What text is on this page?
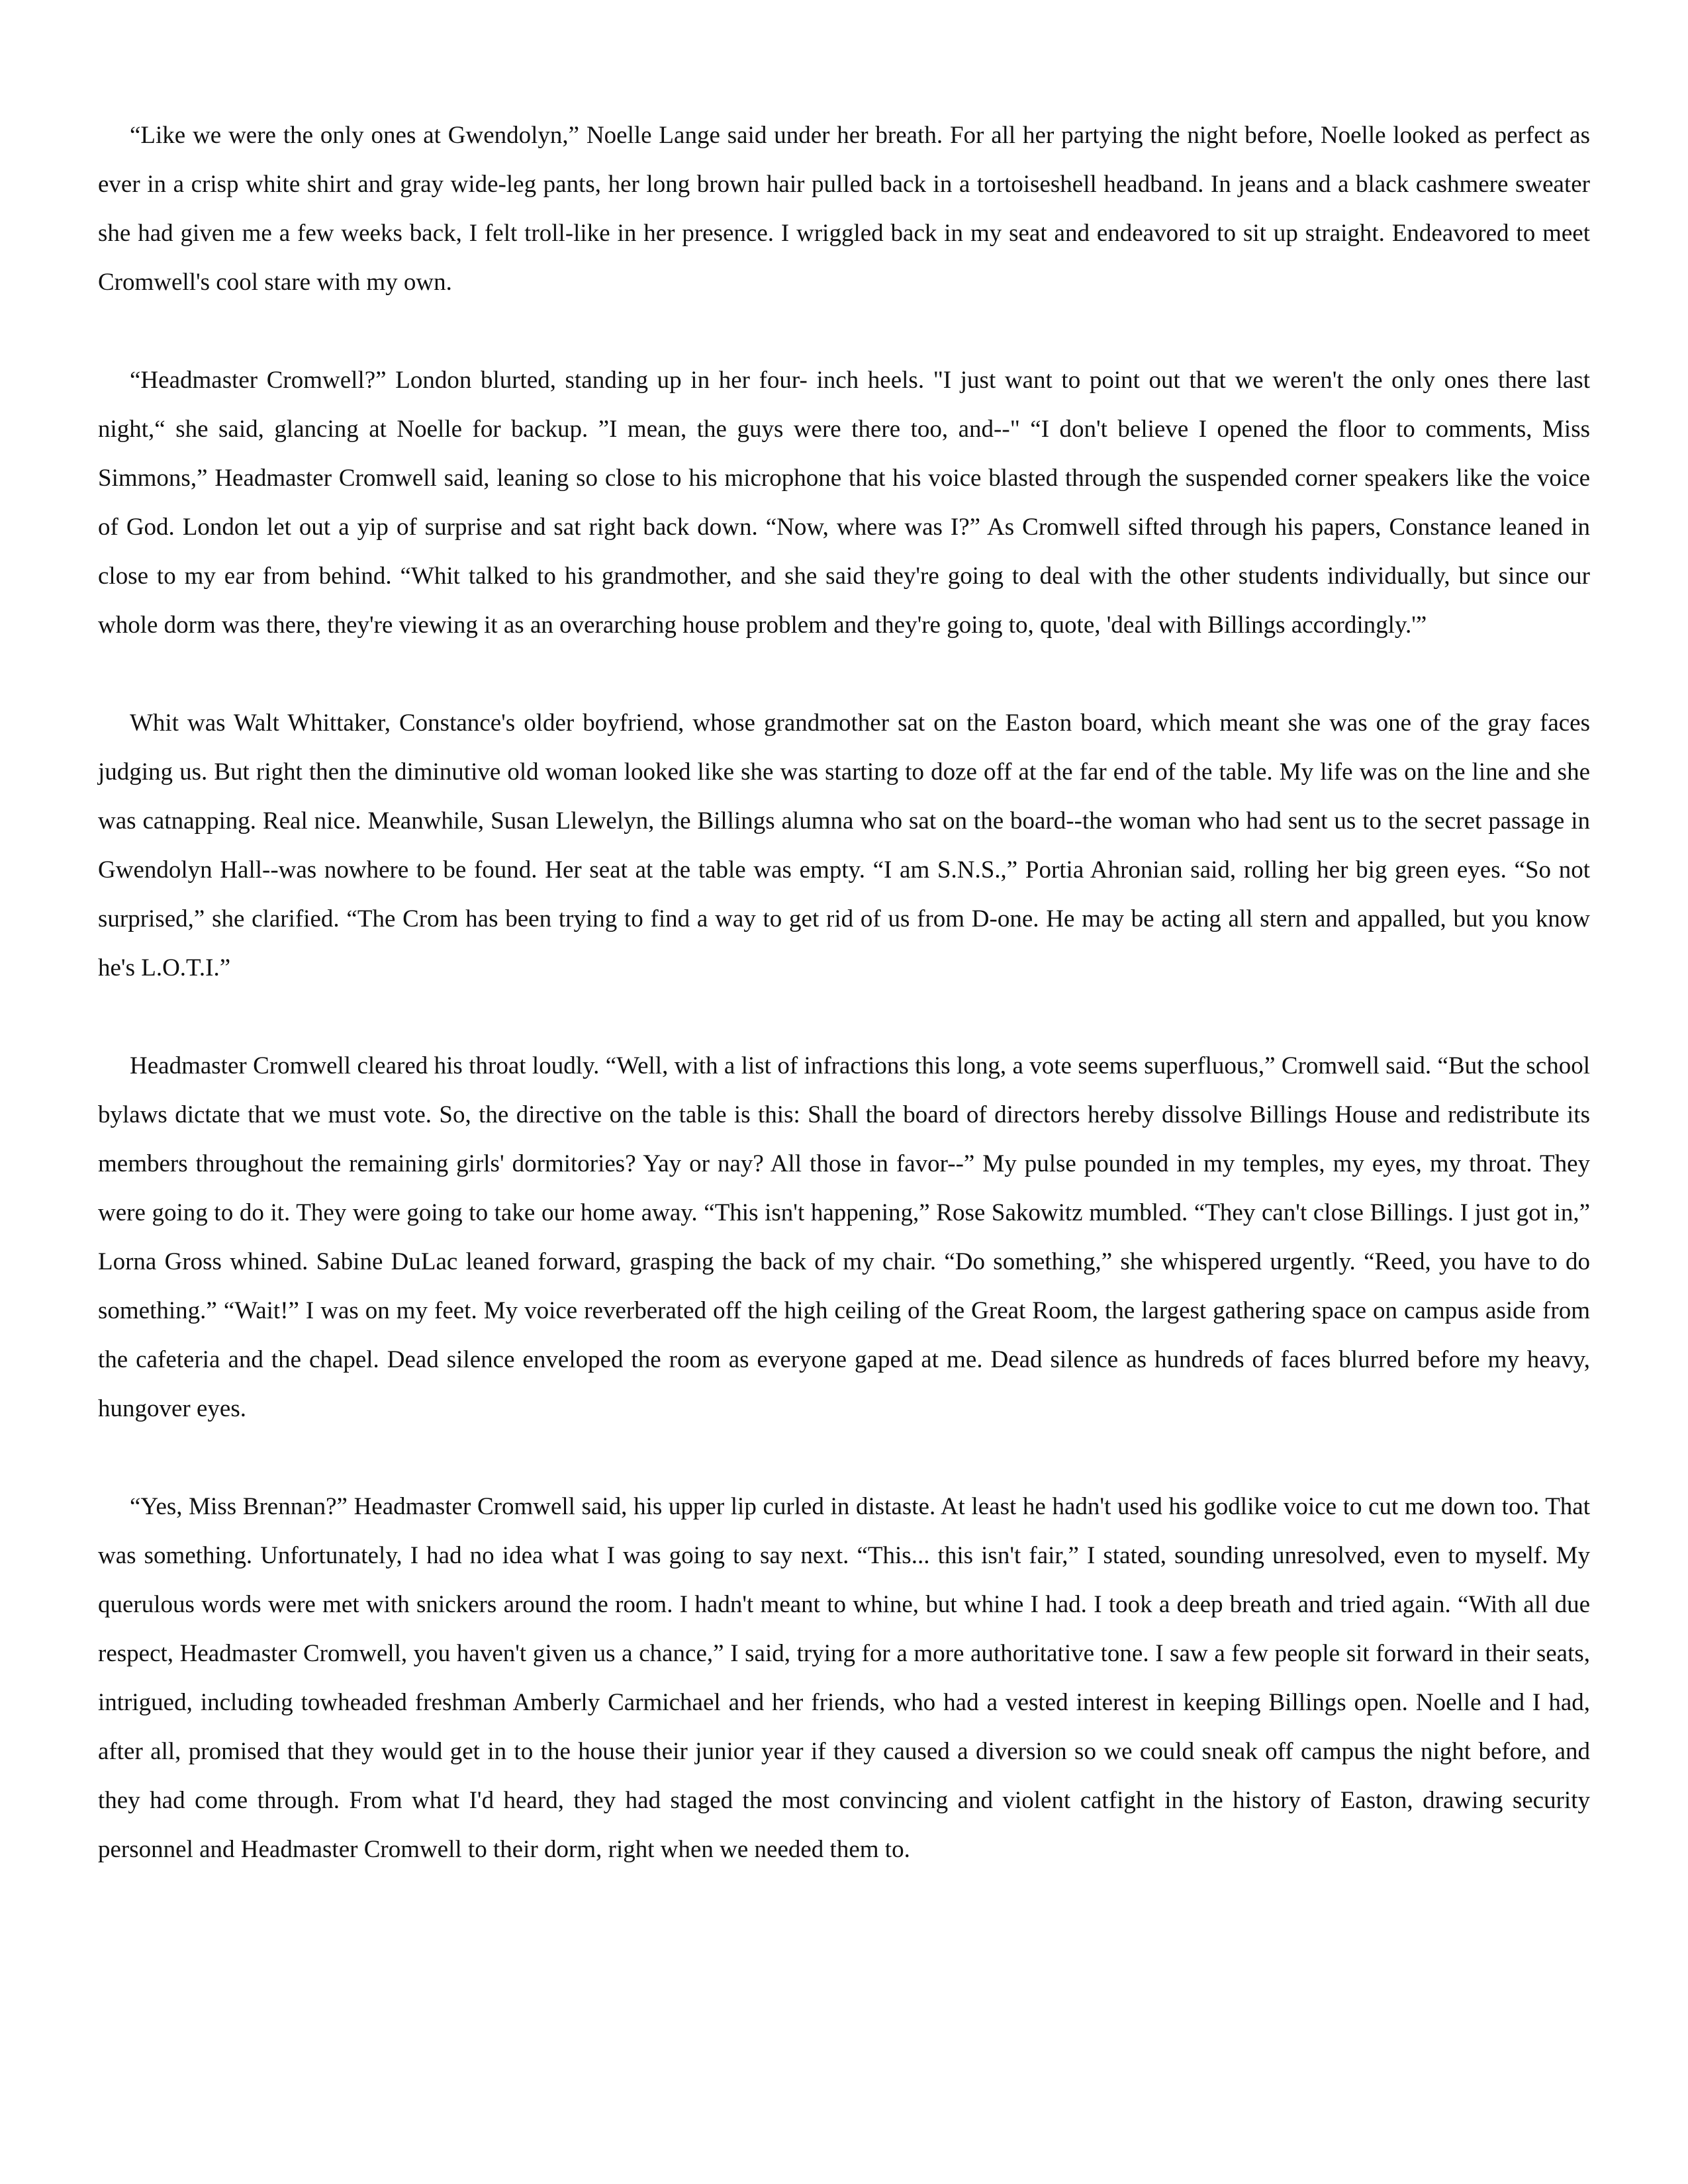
“Like we were the only ones at Gwendolyn,” Noelle Lange said under her breath. For all her partying the night before, Noelle looked as perfect as ever in a crisp white shirt and gray wide-leg pants, her long brown hair pulled back in a tortoiseshell headband. In jeans and a black cashmere sweater she had given me a few weeks back, I felt troll-like in her presence. I wriggled back in my seat and endeavored to sit up straight. Endeavored to meet Cromwell's cool stare with my own.

“Headmaster Cromwell?” London blurted, standing up in her four- inch heels. "I just want to point out that we weren't the only ones there last night,“ she said, glancing at Noelle for backup. ”I mean, the guys were there too, and--" “I don't believe I opened the floor to comments, Miss Simmons,” Headmaster Cromwell said, leaning so close to his microphone that his voice blasted through the suspended corner speakers like the voice of God. London let out a yip of surprise and sat right back down. “Now, where was I?” As Cromwell sifted through his papers, Constance leaned in close to my ear from behind. “Whit talked to his grandmother, and she said they're going to deal with the other students individually, but since our whole dorm was there, they're viewing it as an overarching house problem and they're going to, quote, 'deal with Billings accordingly.'”

Whit was Walt Whittaker, Constance's older boyfriend, whose grandmother sat on the Easton board, which meant she was one of the gray faces judging us. But right then the diminutive old woman looked like she was starting to doze off at the far end of the table. My life was on the line and she was catnapping. Real nice. Meanwhile, Susan Llewelyn, the Billings alumna who sat on the board--the woman who had sent us to the secret passage in Gwendolyn Hall--was nowhere to be found. Her seat at the table was empty. “I am S.N.S.,” Portia Ahronian said, rolling her big green eyes. “So not surprised,” she clarified. “The Crom has been trying to find a way to get rid of us from D-one. He may be acting all stern and appalled, but you know he's L.O.T.I.”

Headmaster Cromwell cleared his throat loudly. “Well, with a list of infractions this long, a vote seems superfluous,” Cromwell said. “But the school bylaws dictate that we must vote. So, the directive on the table is this: Shall the board of directors hereby dissolve Billings House and redistribute its members throughout the remaining girls' dormitories? Yay or nay? All those in favor--” My pulse pounded in my temples, my eyes, my throat. They were going to do it. They were going to take our home away. “This isn't happening,” Rose Sakowitz mumbled. “They can't close Billings. I just got in,” Lorna Gross whined. Sabine DuLac leaned forward, grasping the back of my chair. “Do something,” she whispered urgently. “Reed, you have to do something.” “Wait!” I was on my feet. My voice reverberated off the high ceiling of the Great Room, the largest gathering space on campus aside from the cafeteria and the chapel. Dead silence enveloped the room as everyone gaped at me. Dead silence as hundreds of faces blurred before my heavy, hungover eyes.

“Yes, Miss Brennan?” Headmaster Cromwell said, his upper lip curled in distaste. At least he hadn't used his godlike voice to cut me down too. That was something. Unfortunately, I had no idea what I was going to say next. “This... this isn't fair,” I stated, sounding unresolved, even to myself. My querulous words were met with snickers around the room. I hadn't meant to whine, but whine I had. I took a deep breath and tried again. “With all due respect, Headmaster Cromwell, you haven't given us a chance,” I said, trying for a more authoritative tone. I saw a few people sit forward in their seats, intrigued, including towheaded freshman Amberly Carmichael and her friends, who had a vested interest in keeping Billings open. Noelle and I had, after all, promised that they would get in to the house their junior year if they caused a diversion so we could sneak off campus the night before, and they had come through. From what I'd heard, they had staged the most convincing and violent catfight in the history of Easton, drawing security personnel and Headmaster Cromwell to their dorm, right when we needed them to.
